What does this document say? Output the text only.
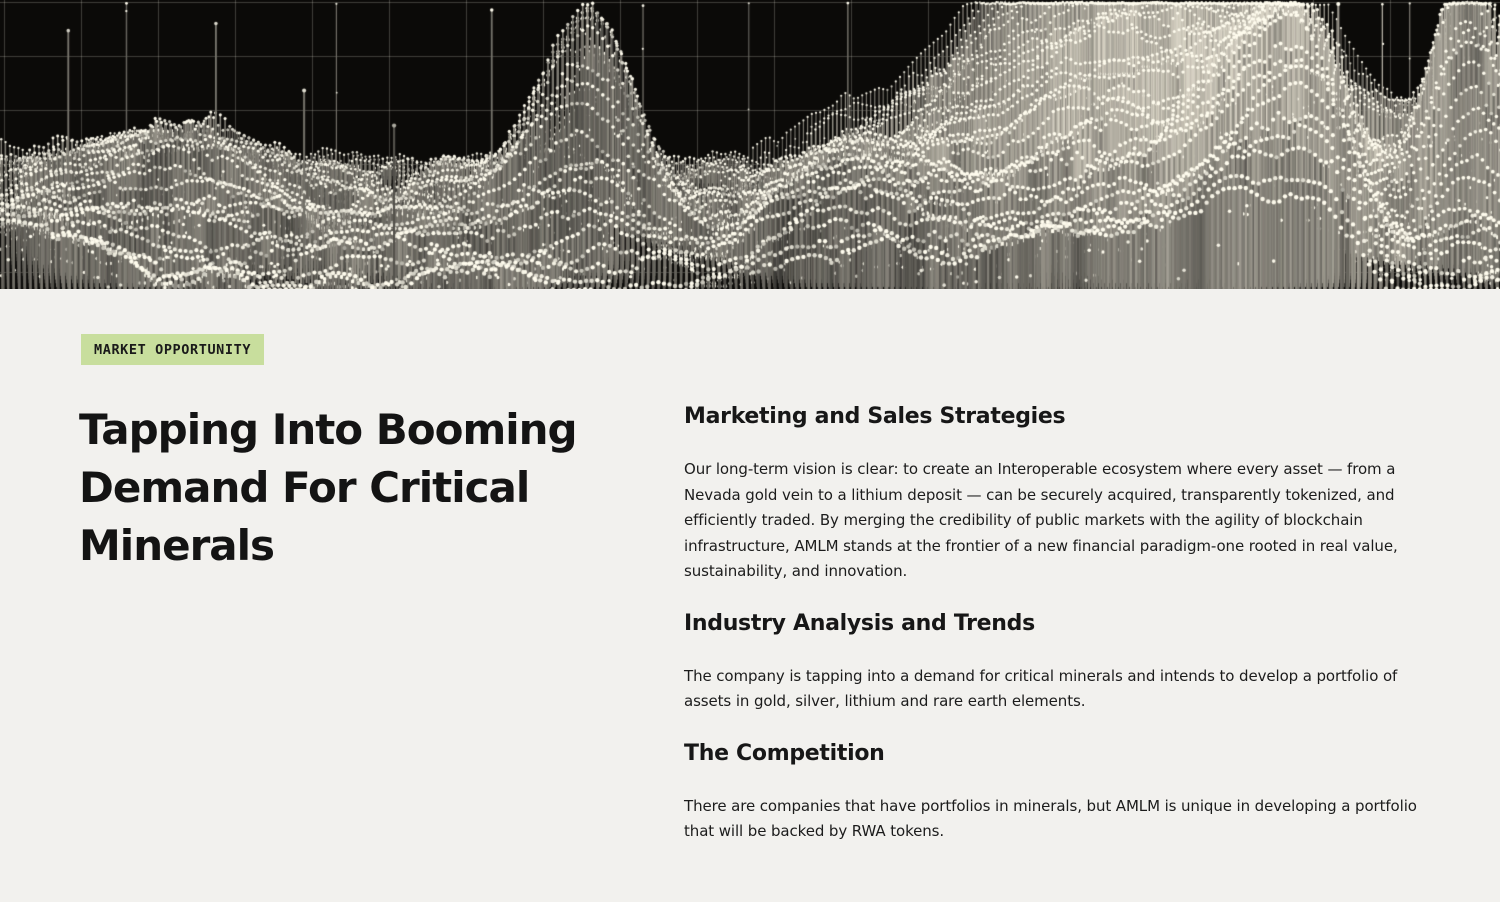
MARKET OPPORTUNITY
Tapping Into Booming
Demand For Critical
Minerals
Marketing and Sales Strategies

Our long-term vision is clear: to create an Interoperable ecosystem where every asset — from a Nevada gold vein to a lithium deposit — can be securely acquired, transparently tokenized, and efficiently traded. By merging the credibility of public markets with the agility of blockchain infrastructure, AMLM stands at the frontier of a new financial paradigm-one rooted in real value, sustainability, and innovation.

Industry Analysis and Trends

The company is tapping into a demand for critical minerals and intends to develop a portfolio of assets in gold, silver, lithium and rare earth elements.

The Competition

There are companies that have portfolios in minerals, but AMLM is unique in developing a portfolio that will be backed by RWA tokens.
